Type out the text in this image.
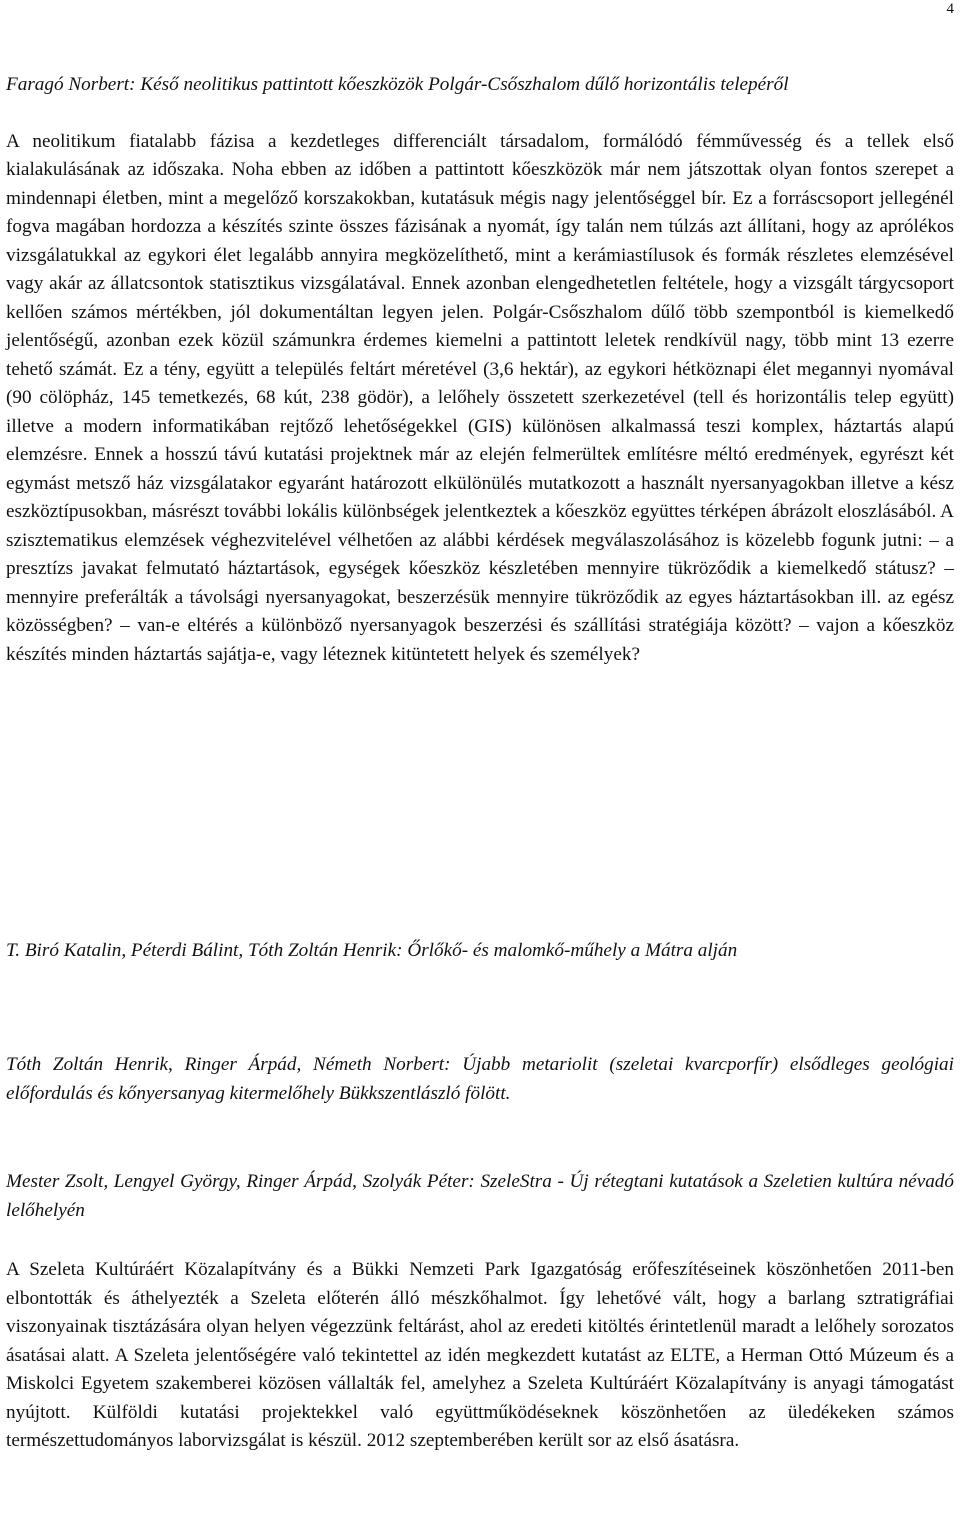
4

Faragó Norbert: Késő neolitikus pattintott kőeszközök Polgár-Csőszhalom dűlő horizontális telepéről

A neolitikum fiatalabb fázisa a kezdetleges differenciált társadalom, formálódó fémművesség és a tellek első kialakulásának az időszaka. Noha ebben az időben a pattintott kőeszközök már nem játszottak olyan fontos szerepet a mindennapi életben, mint a megelőző korszakokban, kutatásuk mégis nagy jelentőséggel bír. Ez a forráscsoport jellegénél fogva magában hordozza a készítés szinte összes fázisának a nyomát, így talán nem túlzás azt állítani, hogy az aprólékos vizsgálatukkal az egykori élet legalább annyira megközelíthető, mint a kerámiastílusok és formák részletes elemzésével vagy akár az állatcsontok statisztikus vizsgálatával. Ennek azonban elengedhetetlen feltétele, hogy a vizsgált tárgycsoport kellően számos mértékben, jól dokumentáltan legyen jelen. Polgár-Csőszhalom dűlő több szempontból is kiemelkedő jelentőségű, azonban ezek közül számunkra érdemes kiemelni a pattintott leletek rendkívül nagy, több mint 13 ezerre tehető számát. Ez a tény, együtt a település feltárt méretével (3,6 hektár), az egykori hétköznapi élet megannyi nyomával (90 cölöpház, 145 temetkezés, 68 kút, 238 gödör), a lelőhely összetett szerkezetével (tell és horizontális telep együtt) illetve a modern informatikában rejtőző lehetőségekkel (GIS) különösen alkalmassá teszi komplex, háztartás alapú elemzésre. Ennek a hosszú távú kutatási projektnek már az elején felmerültek említésre méltó eredmények, egyrészt két egymást metsző ház vizsgálatakor egyaránt határozott elkülönülés mutatkozott a használt nyersanyagokban illetve a kész eszköztípusokban, másrészt további lokális különbségek jelentkeztek a kőeszköz együttes térképen ábrázolt eloszlásából. A szisztematikus elemzések véghezvitelével vélhetően az alábbi kérdések megválaszolásához is közelebb fogunk jutni: – a presztízs javakat felmutató háztartások, egységek kőeszköz készletében mennyire tükröződik a kiemelkedő státusz? – mennyire preferálták a távolsági nyersanyagokat, beszerzésük mennyire tükröződik az egyes háztartásokban ill. az egész közösségben? – van-e eltérés a különböző nyersanyagok beszerzési és szállítási stratégiája között? – vajon a kőeszköz készítés minden háztartás sajátja-e, vagy léteznek kitüntetett helyek és személyek?

T. Biró Katalin, Péterdi Bálint, Tóth Zoltán Henrik: Őrlőkő- és malomkő-műhely a Mátra alján

Tóth Zoltán Henrik, Ringer Árpád, Németh Norbert: Újabb metariolit (szeletai kvarcporfír) elsődleges geológiai előfordulás és kőnyersanyag kitermelőhely Bükkszentlászló fölött.

Mester Zsolt, Lengyel György, Ringer Árpád, Szolyák Péter: SzeleStra - Új rétegtani kutatások a Szeletien kultúra névadó lelőhelyén

A Szeleta Kultúráért Közalapítvány és a Bükki Nemzeti Park Igazgatóság erőfeszítéseinek köszönhetően 2011-ben elbontották és áthelyezték a Szeleta előterén álló mészkőhalmot. Így lehetővé vált, hogy a barlang sztratigráfiai viszonyainak tisztázására olyan helyen végezzünk feltárást, ahol az eredeti kitöltés érintetlenül maradt a lelőhely sorozatos ásatásai alatt. A Szeleta jelentőségére való tekintettel az idén megkezdett kutatást az ELTE, a Herman Ottó Múzeum és a Miskolci Egyetem szakemberei közösen vállalták fel, amelyhez a Szeleta Kultúráért Közalapítvány is anyagi támogatást nyújtott. Külföldi kutatási projektekkel való együttműködéseknek köszönhetően az üledékeken számos természettudományos laborvizsgálat is készül. 2012 szeptemberében került sor az első ásatásra.
